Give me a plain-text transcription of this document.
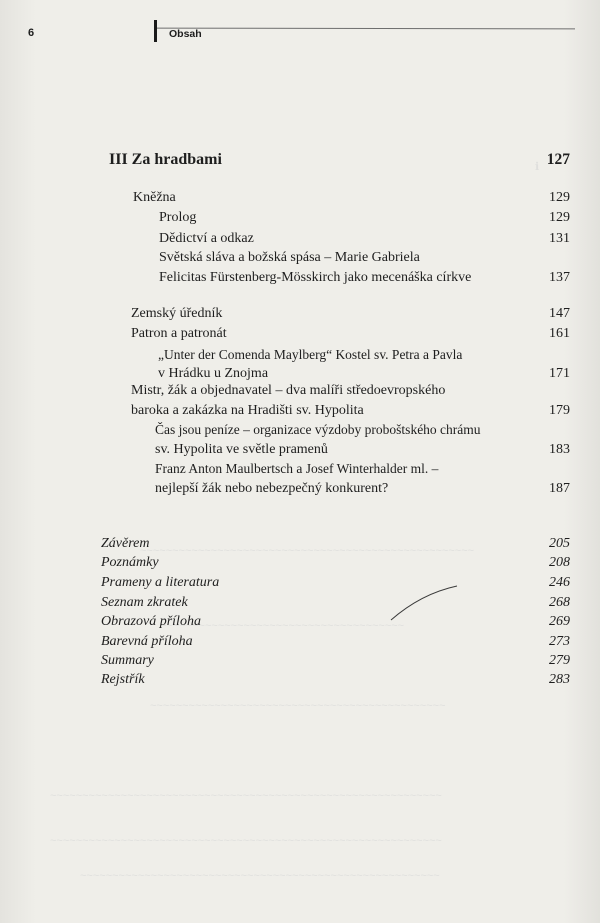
ℹ
~~~~~~~~~~~~~~~~~~~~~~~~~~~~~~~~~~~~~~~~~~~~~~~~~~~~
~~~~~~~~~~~~~~~~~~~~~~~~~~~~~~~~~~~~~~
~~~~~~~~~~~~~~~~~~~~~~~~~~~~~~~~~~~~~~~~~~~~~~
~~~~~~~~~~~~~~~~~~~~~~~~~~~~~~~~~~~~~~~~~~~~~~~~~~~~~~~~~~~~~
~~~~~~~~~~~~~~~~~~~~~~~~~~~~~~~~~~~~~~~~~~~~~~~~~~~~~~~~~~~~~
~~~~~~~~~~~~~~~~~~~~~~~~~~~~~~~~~~~~~~~~~~~~~~~~~~~~~~~~
6	Obsah
III Za hradbami	127
Kněžna	129
Prolog	129
Dědictví a odkaz	131
Světská sláva a božská spása – Marie Gabriela
Felicitas Fürstenberg-Mösskirch jako mecenáška církve	137
Zemský úředník	147
Patron a patronát	161
„Unter der Comenda Maylberg“ Kostel sv. Petra a Pavla
v Hrádku u Znojma	171
Mistr, žák a objednavatel – dva malíři středoevropského
baroka a zakázka na Hradišti sv. Hypolita	179
Čas jsou peníze – organizace výzdoby proboštského chrámu
sv. Hypolita ve světle pramenů	183
Franz Anton Maulbertsch a Josef Winterhalder ml. –
nejlepší žák nebo nebezpečný konkurent?	187
Závěrem	205
Poznámky	208
Prameny a literatura	246
Seznam zkratek	268
Obrazová příloha	269
Barevná příloha	273
Summary	279
Rejstřík	283
